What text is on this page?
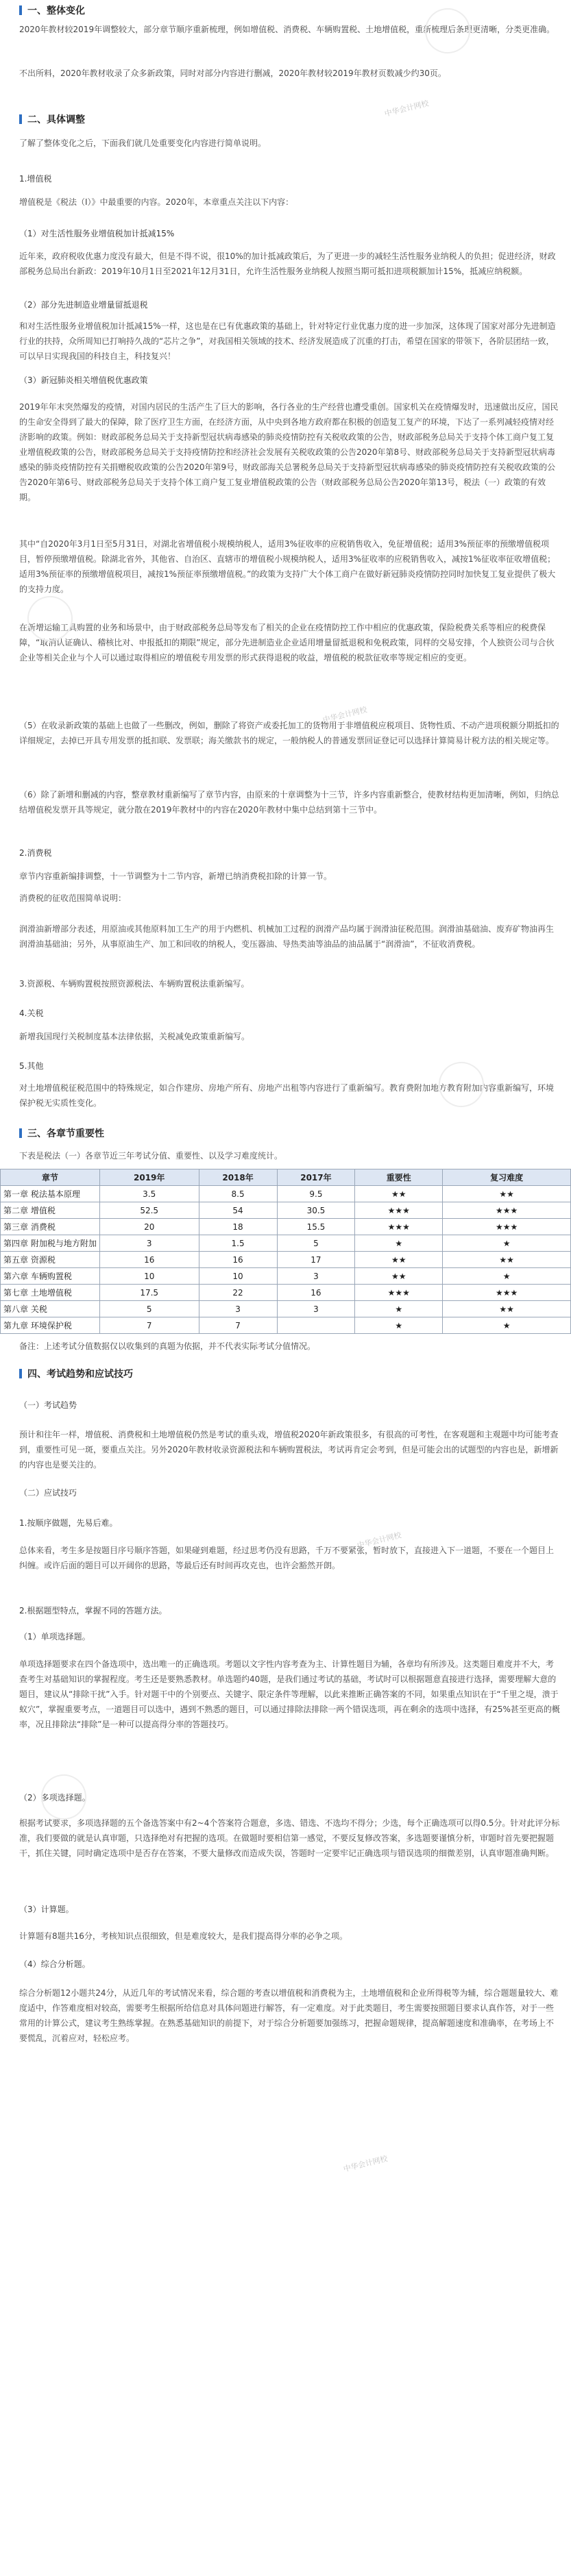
一、整体变化

2020年教材较2019年调整较大，部分章节顺序重新梳理，例如增值税、消费税、车辆购置税、土地增值税，重新梳理后条理更清晰，分类更准确。

不出所料，2020年教材收录了众多新政策，同时对部分内容进行删减，2020年教材较2019年教材页数减少约30页。

二、具体调整

了解了整体变化之后，下面我们就几处重要变化内容进行简单说明。

1.增值税

增值税是《税法（Ⅰ）》中最重要的内容。2020年，本章重点关注以下内容：

（1）对生活性服务业增值税加计抵减15%

近年来，政府税收优惠力度没有最大，但是不得不说，很10%的加计抵减政策后，为了更进一步的减轻生活性服务业纳税人的负担；促进经济，财政部税务总局出台新政：2019年10月1日至2021年12月31日，允许生活性服务业纳税人按照当期可抵扣进项税额加计15%，抵减应纳税额。

（2）部分先进制造业增量留抵退税

和对生活性服务业增值税加计抵减15%一样，这也是在已有优惠政策的基础上，针对特定行业优惠力度的进一步加深，这体现了国家对部分先进制造行业的扶持，众所周知已打响持久战的“芯片之争”，对我国相关领域的技术、经济发展造成了沉重的打击，希望在国家的带领下，各阶层团结一致，可以早日实现我国的科技自主，科技复兴！

（3）新冠肺炎相关增值税优惠政策

2019年年末突然爆发的疫情，对国内居民的生活产生了巨大的影响，各行各业的生产经营也遭受重创。国家机关在疫情爆发时，迅速做出反应，国民的生命安全得到了最大的保障，除了医疗卫生方面，在经济方面，从中央到各地方政府都在积极的创造复工复产的环境，下达了一系列减轻疫情对经济影响的政策。例如：财政部税务总局关于支持新型冠状病毒感染的肺炎疫情防控有关税收政策的公告，财政部税务总局关于支持个体工商户复工复业增值税政策的公告，财政部税务总局关于支持疫情防控和经济社会发展有关税收政策的公告2020年第8号、财政部税务总局关于支持新型冠状病毒感染的肺炎疫情防控有关捐赠税收政策的公告2020年第9号，财政部海关总署税务总局关于支持新型冠状病毒感染的肺炎疫情防控有关税收政策的公告2020年第6号、财政部税务总局关于支持个体工商户复工复业增值税政策的公告（财政部税务总局公告2020年第13号，税法（一）政策的有效期。

其中“自2020年3月1日至5月31日，对湖北省增值税小规模纳税人，适用3%征收率的应税销售收入，免征增值税；适用3%预征率的预缴增值税项目，暂停预缴增值税。除湖北省外，其他省、自治区、直辖市的增值税小规模纳税人，适用3%征收率的应税销售收入，减按1%征收率征收增值税；适用3%预征率的预缴增值税项目，减按1%预征率预缴增值税。”的政策为支持广大个体工商户在做好新冠肺炎疫情防控同时加快复工复业提供了极大的支持力度。

在新增运输工具购置的业务和场景中，由于财政部税务总局等发布了相关的企业在疫情防控工作中相应的优惠政策，保险税费关系等相应的税费保障，“取消认证确认、稽核比对、申报抵扣的期限”规定，部分先进制造业企业适用增量留抵退税和免税政策，同样的交易安排，个人独资公司与合伙企业等相关企业与个人可以通过取得相应的增值税专用发票的形式获得退税的收益，增值税的税款征收率等规定相应的变更。

（5）在收录新政策的基础上也做了一些删改，例如，删除了将资产或委托加工的货物用于非增值税应税项目、货物性质、不动产进项税额分期抵扣的详细规定，去掉已开具专用发票的抵扣联、发票联；海关缴款书的规定，一般纳税人的普通发票回证登记可以选择计算简易计税方法的相关规定等。

（6）除了新增和删减的内容，整章教材重新编写了章节内容，由原来的十章调整为十三节，许多内容重新整合，使教材结构更加清晰，例如，归纳总结增值税发票开具等规定，就分散在2019年教材中的内容在2020年教材中集中总结到第十三节中。

2.消费税

章节内容重新编排调整，十一节调整为十二节内容，新增已纳消费税扣除的计算一节。

消费税的征收范围简单说明：

润滑油新增部分表述，用原油或其他原料加工生产的用于内燃机、机械加工过程的润滑产品均属于润滑油征税范围。润滑油基础油、废弃矿物油再生润滑油基础油；另外，从事原油生产、加工和回收的纳税人，变压器油、导热类油等油品的油品属于“润滑油”，不征收消费税。

3.资源税、车辆购置税按照资源税法、车辆购置税法重新编写。

4.关税

新增我国现行关税制度基本法律依据，关税减免政策重新编写。

5.其他

对土地增值税征税范围中的特殊规定，如合作建房、房地产所有、房地产出租等内容进行了重新编写。教育费附加地方教育附加内容重新编写，环境保护税无实质性变化。

三、各章节重要性

下表是税法（一）各章节近三年考试分值、重要性、以及学习难度统计。

章节	2019年	2018年	2017年	重要性	复习难度
第一章 税法基本原理	3.5	8.5	9.5	★★	★★
第二章 增值税	52.5	54	30.5	★★★	★★★
第三章 消费税	20	18	15.5	★★★	★★★
第四章 附加税与地方附加	3	1.5	5	★	★
第五章 资源税	16	16	17	★★	★★
第六章 车辆购置税	10	10	3	★★	★
第七章 土地增值税	17.5	22	16	★★★	★★★
第八章 关税	5	3	3	★	★★
第九章 环境保护税	7	7		★	★

备注：上述考试分值数据仅以收集到的真题为依据，并不代表实际考试分值情况。

四、考试趋势和应试技巧

（一）考试趋势

预计和往年一样，增值税、消费税和土地增值税仍然是考试的重头戏，增值税2020年新政策很多，有很高的可考性，在客观题和主观题中均可能考查到，重要性可见一斑，要重点关注。另外2020年教材收录资源税法和车辆购置税法，考试再肯定会考到，但是可能会出的试题型的内容也是，新增新的内容也是要关注的。

（二）应试技巧

1.按顺序做题，先易后难。

总体来看，考生多是按题目序号顺序答题，如果碰到难题，经过思考仍没有思路，千万不要紧张，暂时放下，直接进入下一道题，不要在一个题目上纠缠。或许后面的题目可以开阔你的思路，等最后还有时间再攻克也，也许会豁然开朗。

2.根据题型特点，掌握不同的答题方法。

（1）单项选择题。

单项选择题要求在四个备选项中，选出唯一的正确选项。考题以文字性内容考查为主、计算性题目为辅，各章均有所涉及。这类题目难度并不大，考查考生对基础知识的掌握程度。考生还是要熟悉教材。单选题约40题，是我们通过考试的基础，考试时可以根据题意直接进行选择，需要理解大意的题目，建议从“排除干扰”入手。针对题干中的个别要点、关键字、限定条件等理解，以此来推断正确答案的不同，如果重点知识在于“千里之堤，溃于蚁穴”，掌握重要考点，一道题目可以选中，遇到不熟悉的题目，可以通过排除法排除一两个错误选项，再在剩余的选项中选择，有25%甚至更高的概率，况且排除法“排除”是一种可以提高得分率的答题技巧。

（2）多项选择题。

根据考试要求，多项选择题的五个备选答案中有2~4个答案符合题意，多选、错选、不选均不得分；少选，每个正确选项可以得0.5分。针对此评分标准，我们要做的就是认真审题，只选择绝对有把握的选项。在做题时要相信第一感觉，不要反复修改答案，多选题要谨慎分析，审题时首先要把握题干，抓住关键，同时确定选项中是否存在答案，不要大量修改而造成失误，答题时一定要牢记正确选项与错误选项的细微差别，认真审题准确判断。

（3）计算题。

计算题有8题共16分，考核知识点很细致，但是难度较大，是我们提高得分率的必争之项。

（4）综合分析题。

综合分析题12小题共24分，从近几年的考试情况来看，综合题的考查以增值税和消费税为主，土地增值税和企业所得税等为辅，综合题题量较大、难度适中，作答难度相对较高，需要考生根据所给信息对具体问题进行解答，有一定难度。对于此类题目，考生需要按照题目要求认真作答，对于一些常用的计算公式，建议考生熟练掌握。在熟悉基础知识的前提下，对于综合分析题要加强练习，把握命题规律，提高解题速度和准确率，在考场上不要慌乱，沉着应对，轻松应考。

中华会计网校
中华会计网校
中华会计网校
中华会计网校
